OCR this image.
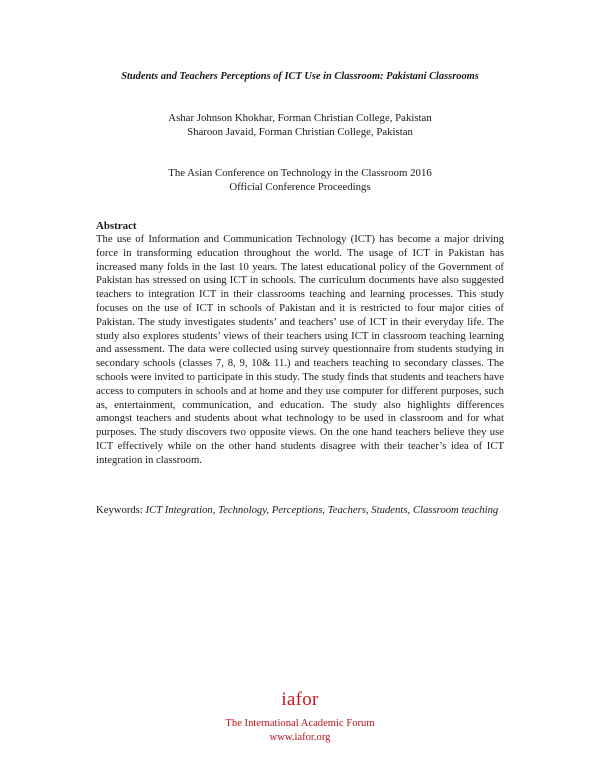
Students and Teachers Perceptions of ICT Use in Classroom: Pakistani Classrooms
Ashar Johnson Khokhar, Forman Christian College, Pakistan
Sharoon Javaid, Forman Christian College, Pakistan
The Asian Conference on Technology in the Classroom 2016
Official Conference Proceedings
Abstract

The use of Information and Communication Technology (ICT) has become a major driving force in transforming education throughout the world. The usage of ICT in Pakistan has increased many folds in the last 10 years. The latest educational policy of the Government of Pakistan has stressed on using ICT in schools. The curriculum documents have also suggested teachers to integration ICT in their classrooms teaching and learning processes. This study focuses on the use of ICT in schools of Pakistan and it is restricted to four major cities of Pakistan. The study investigates students’ and teachers’ use of ICT in their everyday life. The study also explores students’ views of their teachers using ICT in classroom teaching learning and assessment. The data were collected using survey questionnaire from students studying in secondary schools (classes 7, 8, 9, 10& 11.) and teachers teaching to secondary classes. The schools were invited to participate in this study. The study finds that students and teachers have access to computers in schools and at home and they use computer for different purposes, such as, entertainment, communication, and education. The study also highlights differences amongst teachers and students about what technology to be used in classroom and for what purposes. The study discovers two opposite views. On the one hand teachers believe they use ICT effectively while on the other hand students disagree with their teacher’s idea of ICT integration in classroom.

Keywords: ICT Integration, Technology, Perceptions, Teachers, Students, Classroom teaching
iafor
The International Academic Forum
www.iafor.org
